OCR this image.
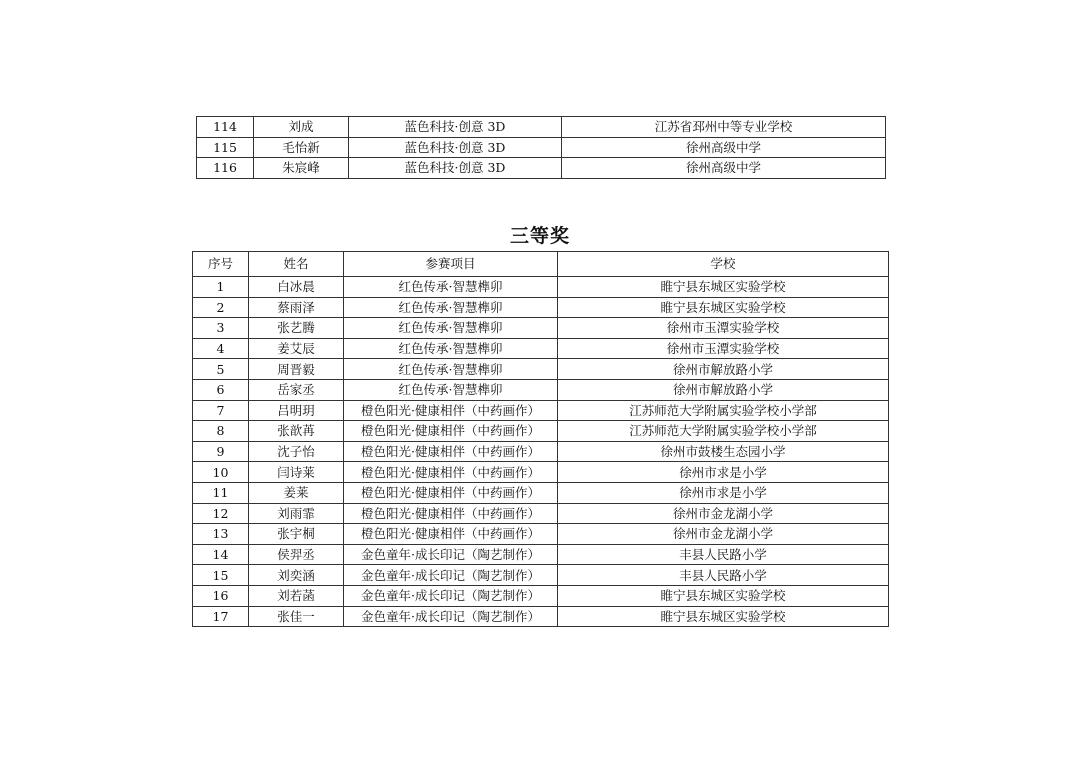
114	刘成	蓝色科技·创意 3D	江苏省邳州中等专业学校
115	毛怡新	蓝色科技·创意 3D	徐州高级中学
116	朱宸峰	蓝色科技·创意 3D	徐州高级中学
三等奖
序号	姓名	参赛项目	学校
1	白冰晨	红色传承·智慧榫卯	睢宁县东城区实验学校
2	蔡雨泽	红色传承·智慧榫卯	睢宁县东城区实验学校
3	张艺腾	红色传承·智慧榫卯	徐州市玉潭实验学校
4	姜艾辰	红色传承·智慧榫卯	徐州市玉潭实验学校
5	周晋毅	红色传承·智慧榫卯	徐州市解放路小学
6	岳家丞	红色传承·智慧榫卯	徐州市解放路小学
7	吕明玥	橙色阳光·健康相伴（中药画作）	江苏师范大学附属实验学校小学部
8	张歆苒	橙色阳光·健康相伴（中药画作）	江苏师范大学附属实验学校小学部
9	沈子怡	橙色阳光·健康相伴（中药画作）	徐州市鼓楼生态园小学
10	闫诗莱	橙色阳光·健康相伴（中药画作）	徐州市求是小学
11	姜莱	橙色阳光·健康相伴（中药画作）	徐州市求是小学
12	刘雨霏	橙色阳光·健康相伴（中药画作）	徐州市金龙湖小学
13	张宇桐	橙色阳光·健康相伴（中药画作）	徐州市金龙湖小学
14	侯羿丞	金色童年·成长印记（陶艺制作）	丰县人民路小学
15	刘奕涵	金色童年·成长印记（陶艺制作）	丰县人民路小学
16	刘若菡	金色童年·成长印记（陶艺制作）	睢宁县东城区实验学校
17	张佳一	金色童年·成长印记（陶艺制作）	睢宁县东城区实验学校
